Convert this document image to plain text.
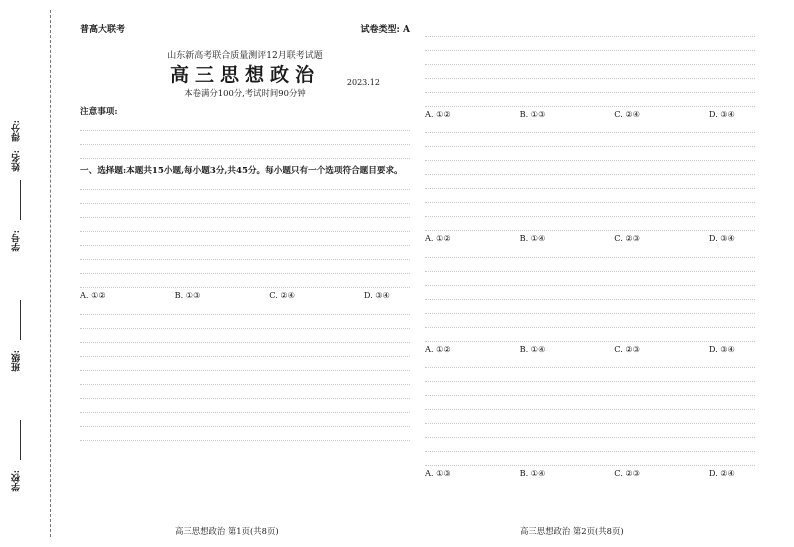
学校:
班级:
学号:
姓名:
得分:
普高大联考	试卷类型: A
山东新高考联合质量测评12月联考试题
高三思想政治	2023.12
本卷满分100分,考试时间90分钟
注意事项:
一、选择题:本题共15小题,每小题3分,共45分。每小题只有一个选项符合题目要求。
A. ①②	B. ①③	C. ②④	D. ③④
A. ①②	B. ①③	C. ②④	D. ③④
A. ①②	B. ①④	C. ②③	D. ③④
A. ①②	B. ①④	C. ②③	D. ③④
A. ①③	B. ①④	C. ②③	D. ②④
高三思想政治 第1页(共8页)	高三思想政治 第2页(共8页)
